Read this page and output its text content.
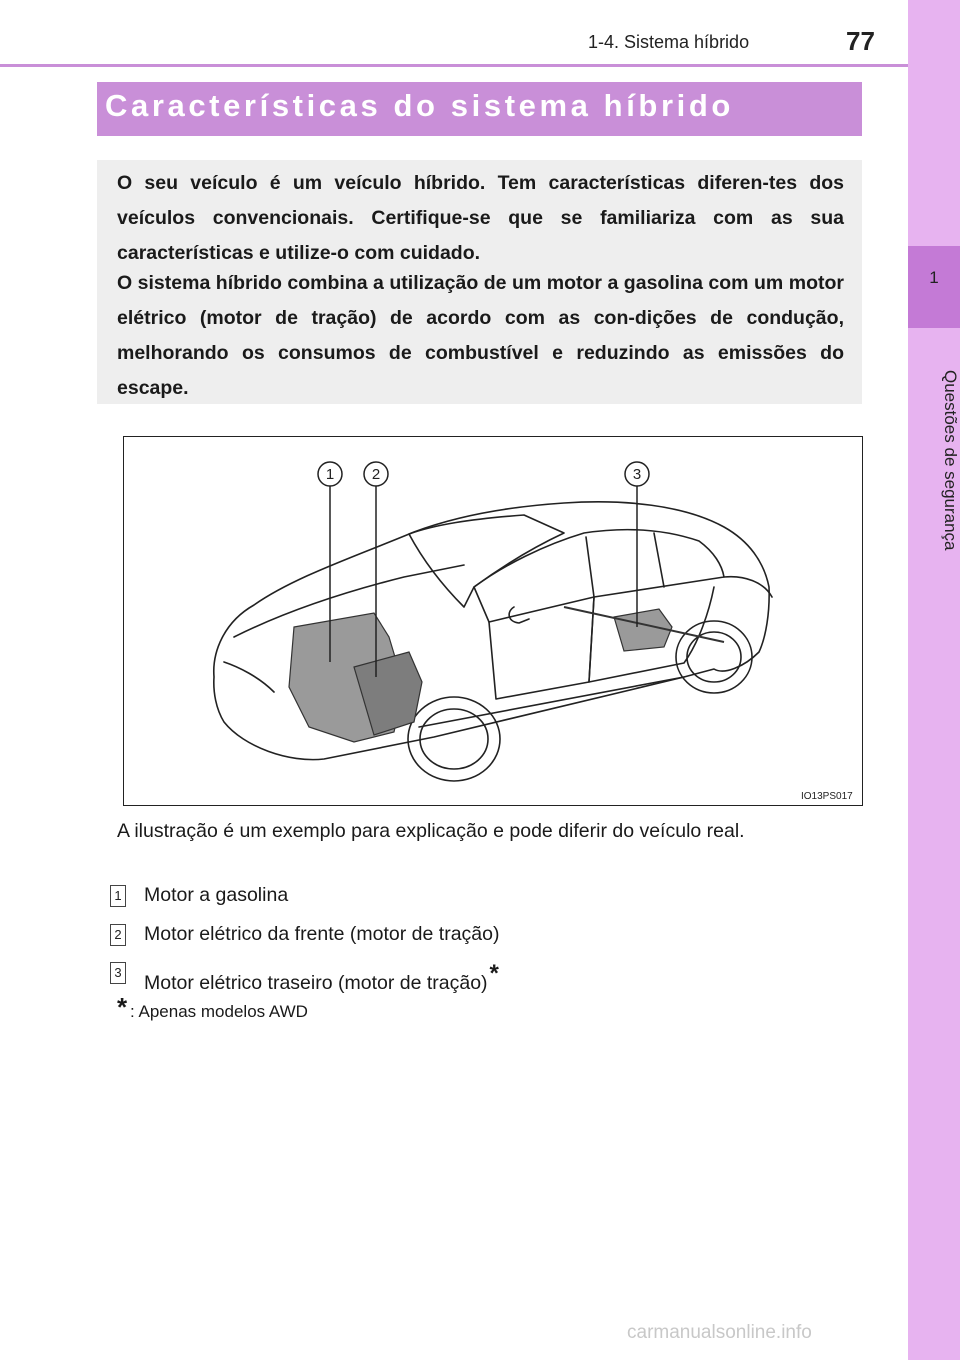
1-4. Sistema híbrido	77
1
Questões de segurança
Características do sistema híbrido

O seu veículo é um veículo híbrido. Tem características diferen-tes dos veículos convencionais. Certifique-se que se familiariza com as sua características e utilize-o com cuidado.

O sistema híbrido combina a utilização de um motor a gasolina com um motor elétrico (motor de tração) de acordo com as con-dições de condução, melhorando os consumos de combustível e reduzindo as emissões do escape.

1	2	3
IO13PS017

A ilustração é um exemplo para explicação e pode diferir do veículo real.

1 Motor a gasolina
2 Motor elétrico da frente (motor de tração)
3 Motor elétrico traseiro (motor de tração)*
* : Apenas modelos AWD
carmanualsonline.info
